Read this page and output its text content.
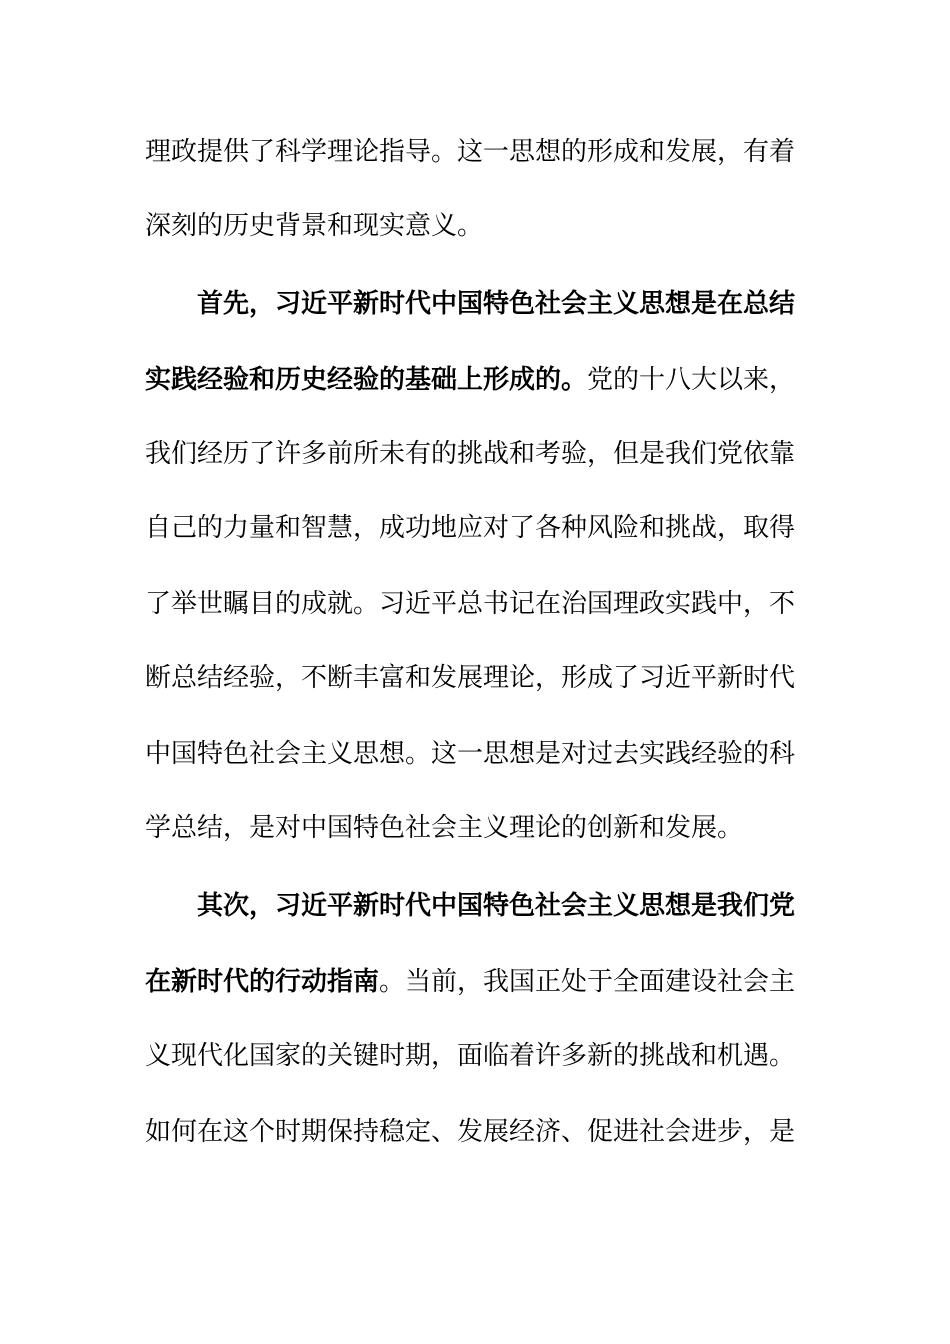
理政提供了科学理论指导。这一思想的形成和发展，有着
深刻的历史背景和现实意义。
首先，习近平新时代中国特色社会主义思想是在总结
实践经验和历史经验的基础上形成的。党的十八大以来，
我们经历了许多前所未有的挑战和考验，但是我们党依靠
自己的力量和智慧，成功地应对了各种风险和挑战，取得
了举世瞩目的成就。习近平总书记在治国理政实践中，不
断总结经验，不断丰富和发展理论，形成了习近平新时代
中国特色社会主义思想。这一思想是对过去实践经验的科
学总结，是对中国特色社会主义理论的创新和发展。
其次，习近平新时代中国特色社会主义思想是我们党
在新时代的行动指南。当前，我国正处于全面建设社会主
义现代化国家的关键时期，面临着许多新的挑战和机遇。
如何在这个时期保持稳定、发展经济、促进社会进步，是
